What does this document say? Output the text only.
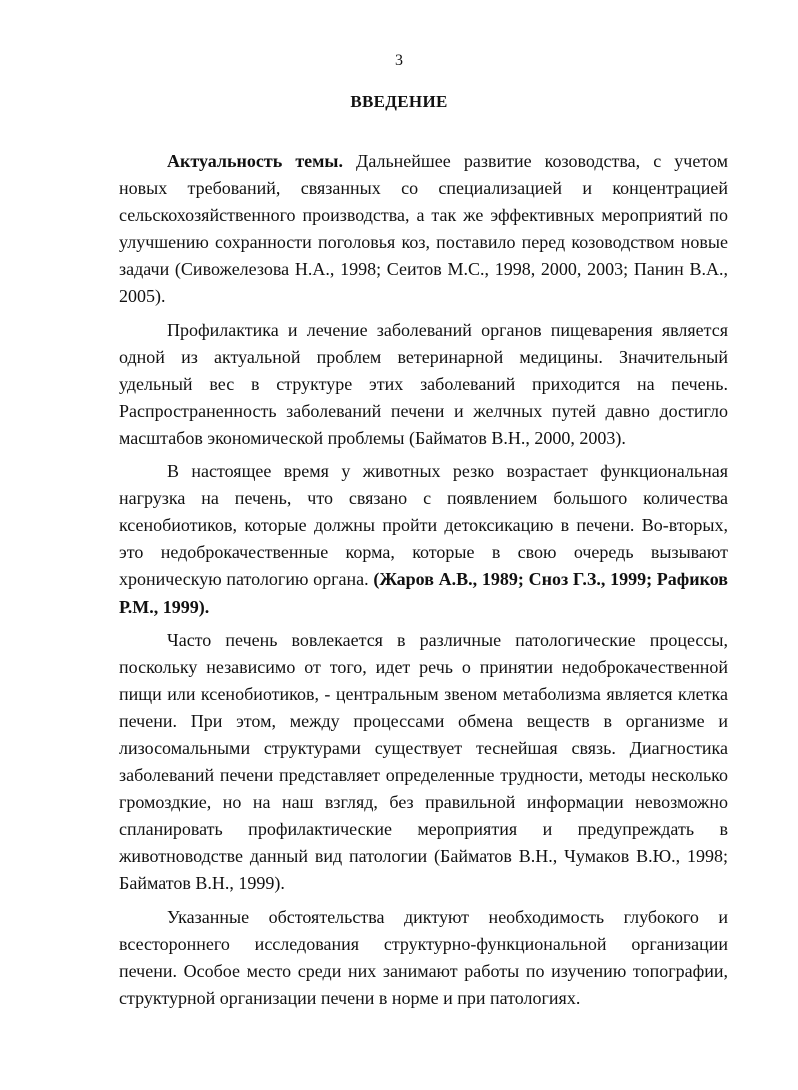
3
ВВЕДЕНИЕ

Актуальность темы. Дальнейшее развитие козоводства, с учетом новых требований, связанных со специализацией и концентрацией сельскохозяйственного производства, а так же эффективных мероприятий по улучшению сохранности поголовья коз, поставило перед козоводством новые задачи (Сивожелезова Н.А., 1998; Сеитов М.С., 1998, 2000, 2003; Панин В.А., 2005).

Профилактика и лечение заболеваний органов пищеварения является одной из актуальной проблем ветеринарной медицины. Значительный удельный вес в структуре этих заболеваний приходится на печень. Распространенность заболеваний печени и желчных путей давно достигло масштабов экономической проблемы (Байматов В.Н., 2000, 2003).

В настоящее время у животных резко возрастает функциональная нагрузка на печень, что связано с появлением большого количества ксенобиотиков, которые должны пройти детоксикацию в печени. Во-вторых, это недоброкачественные корма, которые в свою очередь вызывают хроническую патологию органа. (Жаров А.В., 1989; Сноз Г.З., 1999; Рафиков Р.М., 1999).

Часто печень вовлекается в различные патологические процессы, поскольку независимо от того, идет речь о принятии недоброкачественной пищи или ксенобиотиков, - центральным звеном метаболизма является клетка печени. При этом, между процессами обмена веществ в организме и лизосомальными структурами существует теснейшая связь. Диагностика заболеваний печени представляет определенные трудности, методы несколько громоздкие, но на наш взгляд, без правильной информации невозможно спланировать профилактические мероприятия и предупреждать в животноводстве данный вид патологии (Байматов В.Н., Чумаков В.Ю., 1998; Байматов В.Н., 1999).

Указанные обстоятельства диктуют необходимость глубокого и всестороннего исследования структурно-функциональной организации печени. Особое место среди них занимают работы по изучению топографии, структурной организации печени в норме и при патологиях.
